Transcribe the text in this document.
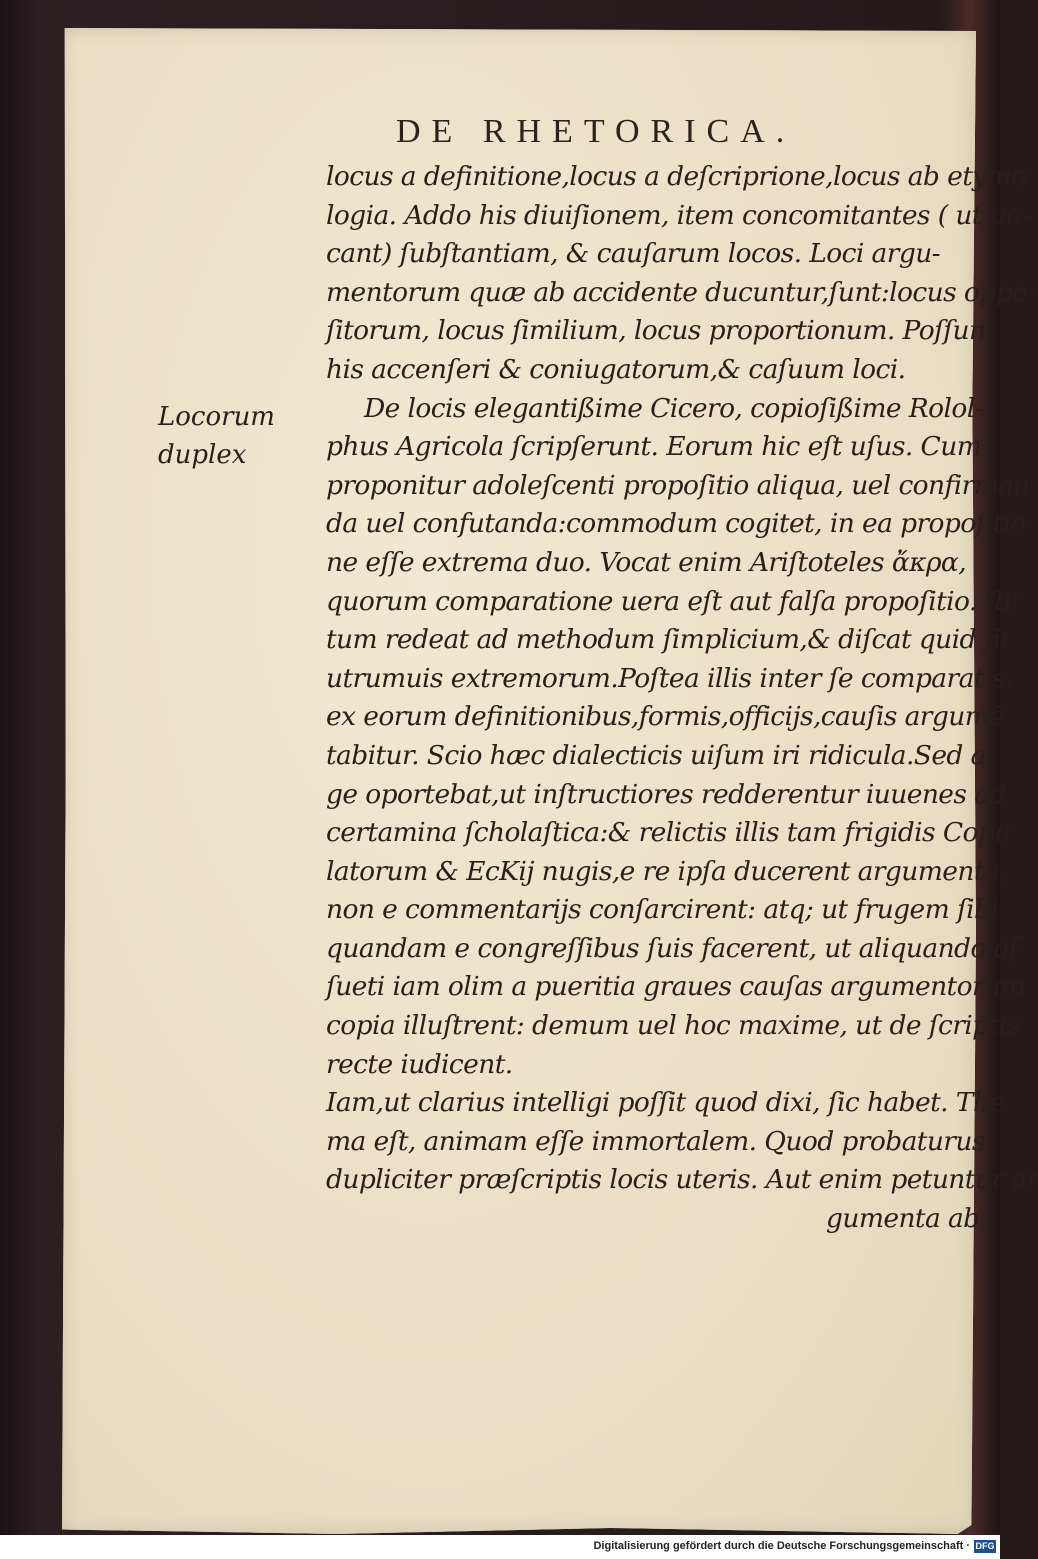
DE RHETORICA.
Locorum
duplex
locus a definitione,locus a deſcriprione,locus ab etymo
logia. Addo his diuiſionem, item concomitantes ( ut uo-
cant) ſubſtantiam, & cauſarum locos. Loci argu-
mentorum quæ ab accidente ducuntur,ſunt:locus oppo-
ſitorum, locus ſimilium, locus proportionum. Poſſunt
his accenſeri & coniugatorum,& caſuum loci.
De locis elegantißime Cicero, copioſißime Rolol-
phus Agricola ſcripſerunt. Eorum hic eſt uſus. Cum
proponitur adoleſcenti propoſitio aliqua, uel confirman
da uel confutanda:commodum cogitet, in ea propoſitio-
ne eſſe extrema duo. Vocat enim Ariſtoteles ἄκρα,
quorum comparatione uera eſt aut falſa propoſitio. Ibi
tum redeat ad methodum ſimplicium,& diſcat quid ſit
utrumuis extremorum.Poſtea illis inter ſe comparatis,
ex eorum definitionibus,formis,officijs,cauſis argumē
tabitur. Scio hæc dialecticis uiſum iri ridicula.Sed a-
ge oportebat,ut inſtructiores redderentur iuuenes ad
certamina ſcholaſtica:& relictis illis tam frigidis Copu
latorum & EcKij nugis,e re ipſa ducerent argumenta,
non e commentarijs conſarcirent: atq; ut frugem ſibi
quandam e congreſſibus ſuis facerent, ut aliquando aſ-
ſueti iam olim a pueritia graues cauſas argumentorum
copia illuſtrent: demum uel hoc maxime, ut de ſcriptis
recte iudicent.
Iam,ut clarius intelligi poſſit quod dixi, ſic habet. The-
ma eſt, animam eſſe immortalem. Quod probaturus,
dupliciter præſcriptis locis uteris. Aut enim petuntur ar
gumenta ab
Digitalisierung gefördert durch die Deutsche Forschungsgemeinschaft · DFG
